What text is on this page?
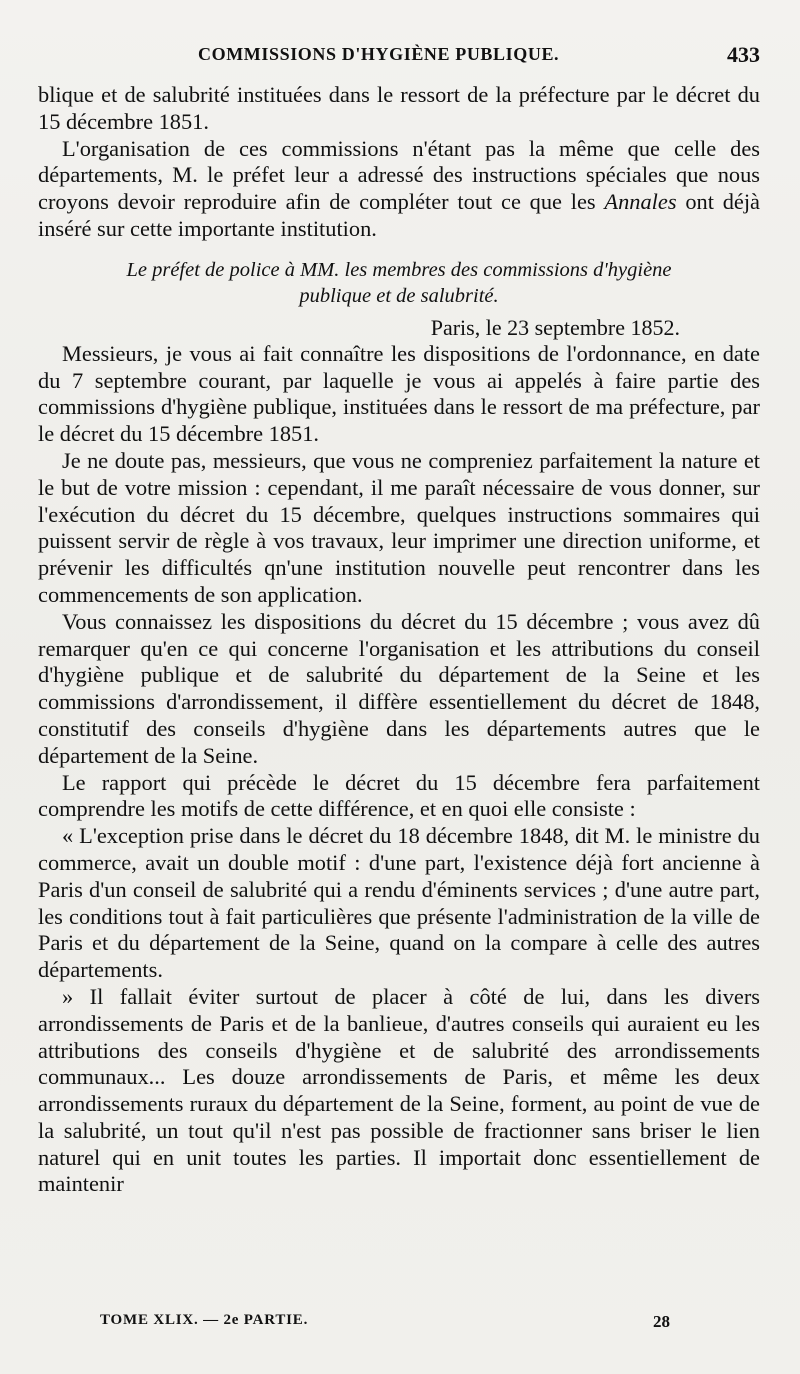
COMMISSIONS D'HYGIÈNE PUBLIQUE.	433

blique et de salubrité instituées dans le ressort de la préfecture par le décret du 15 décembre 1851.

L'organisation de ces commissions n'étant pas la même que celle des départements, M. le préfet leur a adressé des instructions spéciales que nous croyons devoir reproduire afin de compléter tout ce que les Annales ont déjà inséré sur cette importante institution.

Le préfet de police à MM. les membres des commissions d'hygiène
publique et de salubrité.
Paris, le 23 septembre 1852.

Messieurs, je vous ai fait connaître les dispositions de l'ordonnance, en date du 7 septembre courant, par laquelle je vous ai appelés à faire partie des commissions d'hygiène publique, instituées dans le ressort de ma préfecture, par le décret du 15 décembre 1851.

Je ne doute pas, messieurs, que vous ne compreniez parfaitement la nature et le but de votre mission : cependant, il me paraît nécessaire de vous donner, sur l'exécution du décret du 15 décembre, quelques instructions sommaires qui puissent servir de règle à vos travaux, leur imprimer une direction uniforme, et prévenir les difficultés qn'une institution nouvelle peut rencontrer dans les commencements de son application.

Vous connaissez les dispositions du décret du 15 décembre ; vous avez dû remarquer qu'en ce qui concerne l'organisation et les attributions du conseil d'hygiène publique et de salubrité du département de la Seine et les commissions d'arrondissement, il diffère essentiellement du décret de 1848, constitutif des conseils d'hygiène dans les départements autres que le département de la Seine.

Le rapport qui précède le décret du 15 décembre fera parfaitement comprendre les motifs de cette différence, et en quoi elle consiste :

« L'exception prise dans le décret du 18 décembre 1848, dit M. le ministre du commerce, avait un double motif : d'une part, l'existence déjà fort ancienne à Paris d'un conseil de salubrité qui a rendu d'éminents services ; d'une autre part, les conditions tout à fait particulières que présente l'administration de la ville de Paris et du département de la Seine, quand on la compare à celle des autres départements.

» Il fallait éviter surtout de placer à côté de lui, dans les divers arrondissements de Paris et de la banlieue, d'autres conseils qui auraient eu les attributions des conseils d'hygiène et de salubrité des arrondissements communaux... Les douze arrondissements de Paris, et même les deux arrondissements ruraux du département de la Seine, forment, au point de vue de la salubrité, un tout qu'il n'est pas possible de fractionner sans briser le lien naturel qui en unit toutes les parties. Il importait donc essentiellement de maintenir

TOME XLIX. — 2e PARTIE.	28
